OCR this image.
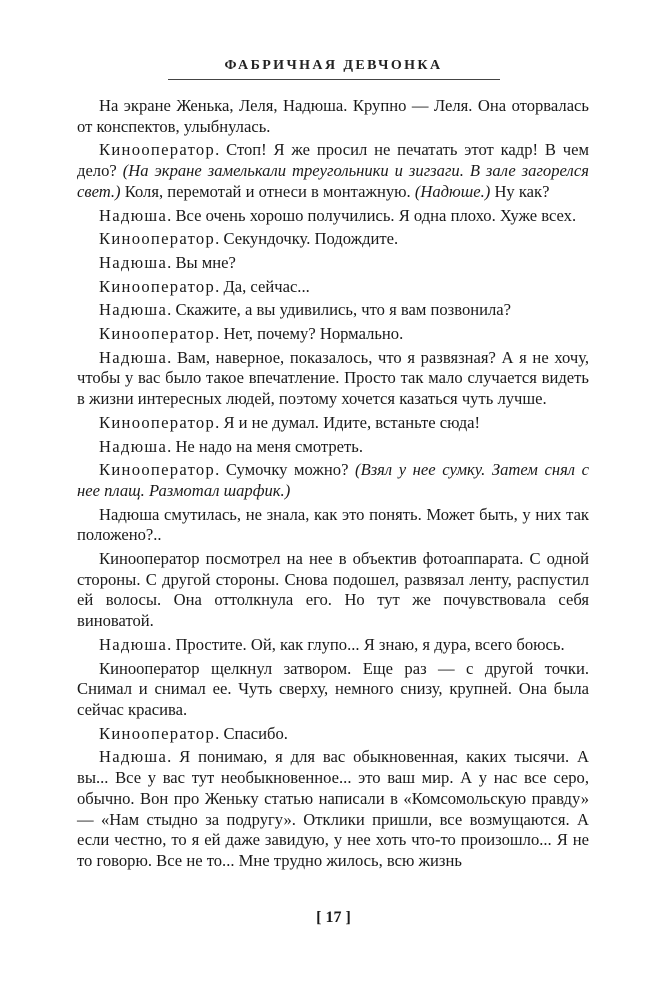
ФАБРИЧНАЯ ДЕВЧОНКА

На экране Женька, Леля, Надюша. Крупно — Леля. Она оторвалась от конспектов, улыбнулась.

Кинооператор. Стоп! Я же просил не печатать этот кадр! В чем дело? (На экране замелькали треугольники и зигзаги. В зале загорелся свет.) Коля, перемотай и отнеси в монтажную. (Надюше.) Ну как?

Надюша. Все очень хорошо получились. Я одна плохо. Хуже всех.

Кинооператор. Секундочку. Подождите.

Надюша. Вы мне?

Кинооператор. Да, сейчас...

Надюша. Скажите, а вы удивились, что я вам позвонила?

Кинооператор. Нет, почему? Нормально.

Надюша. Вам, наверное, показалось, что я развязная? А я не хочу, чтобы у вас было такое впечатление. Просто так мало случается видеть в жизни интересных людей, поэтому хочется казаться чуть лучше.

Кинооператор. Я и не думал. Идите, встаньте сюда!

Надюша. Не надо на меня смотреть.

Кинооператор. Сумочку можно? (Взял у нее сумку. Затем снял с нее плащ. Размотал шарфик.)

Надюша смутилась, не знала, как это понять. Может быть, у них так положено?..

Кинооператор посмотрел на нее в объектив фотоаппарата. С одной стороны. С другой стороны. Снова подошел, развязал ленту, распустил ей волосы. Она оттолкнула его. Но тут же почувствовала себя виноватой.

Надюша. Простите. Ой, как глупо... Я знаю, я дура, всего боюсь.

Кинооператор щелкнул затвором. Еще раз — с другой точки. Снимал и снимал ее. Чуть сверху, немного снизу, крупней. Она была сейчас красива.

Кинооператор. Спасибо.

Надюша. Я понимаю, я для вас обыкновенная, каких тысячи. А вы... Все у вас тут необыкновенное... это ваш мир. А у нас все серо, обычно. Вон про Женьку статью написали в «Комсомольскую правду» — «Нам стыдно за подругу». Отклики пришли, все возмущаются. А если честно, то я ей даже завидую, у нее хоть что-то произошло... Я не то говорю. Все не то... Мне трудно жилось, всю жизнь

[ 17 ]
